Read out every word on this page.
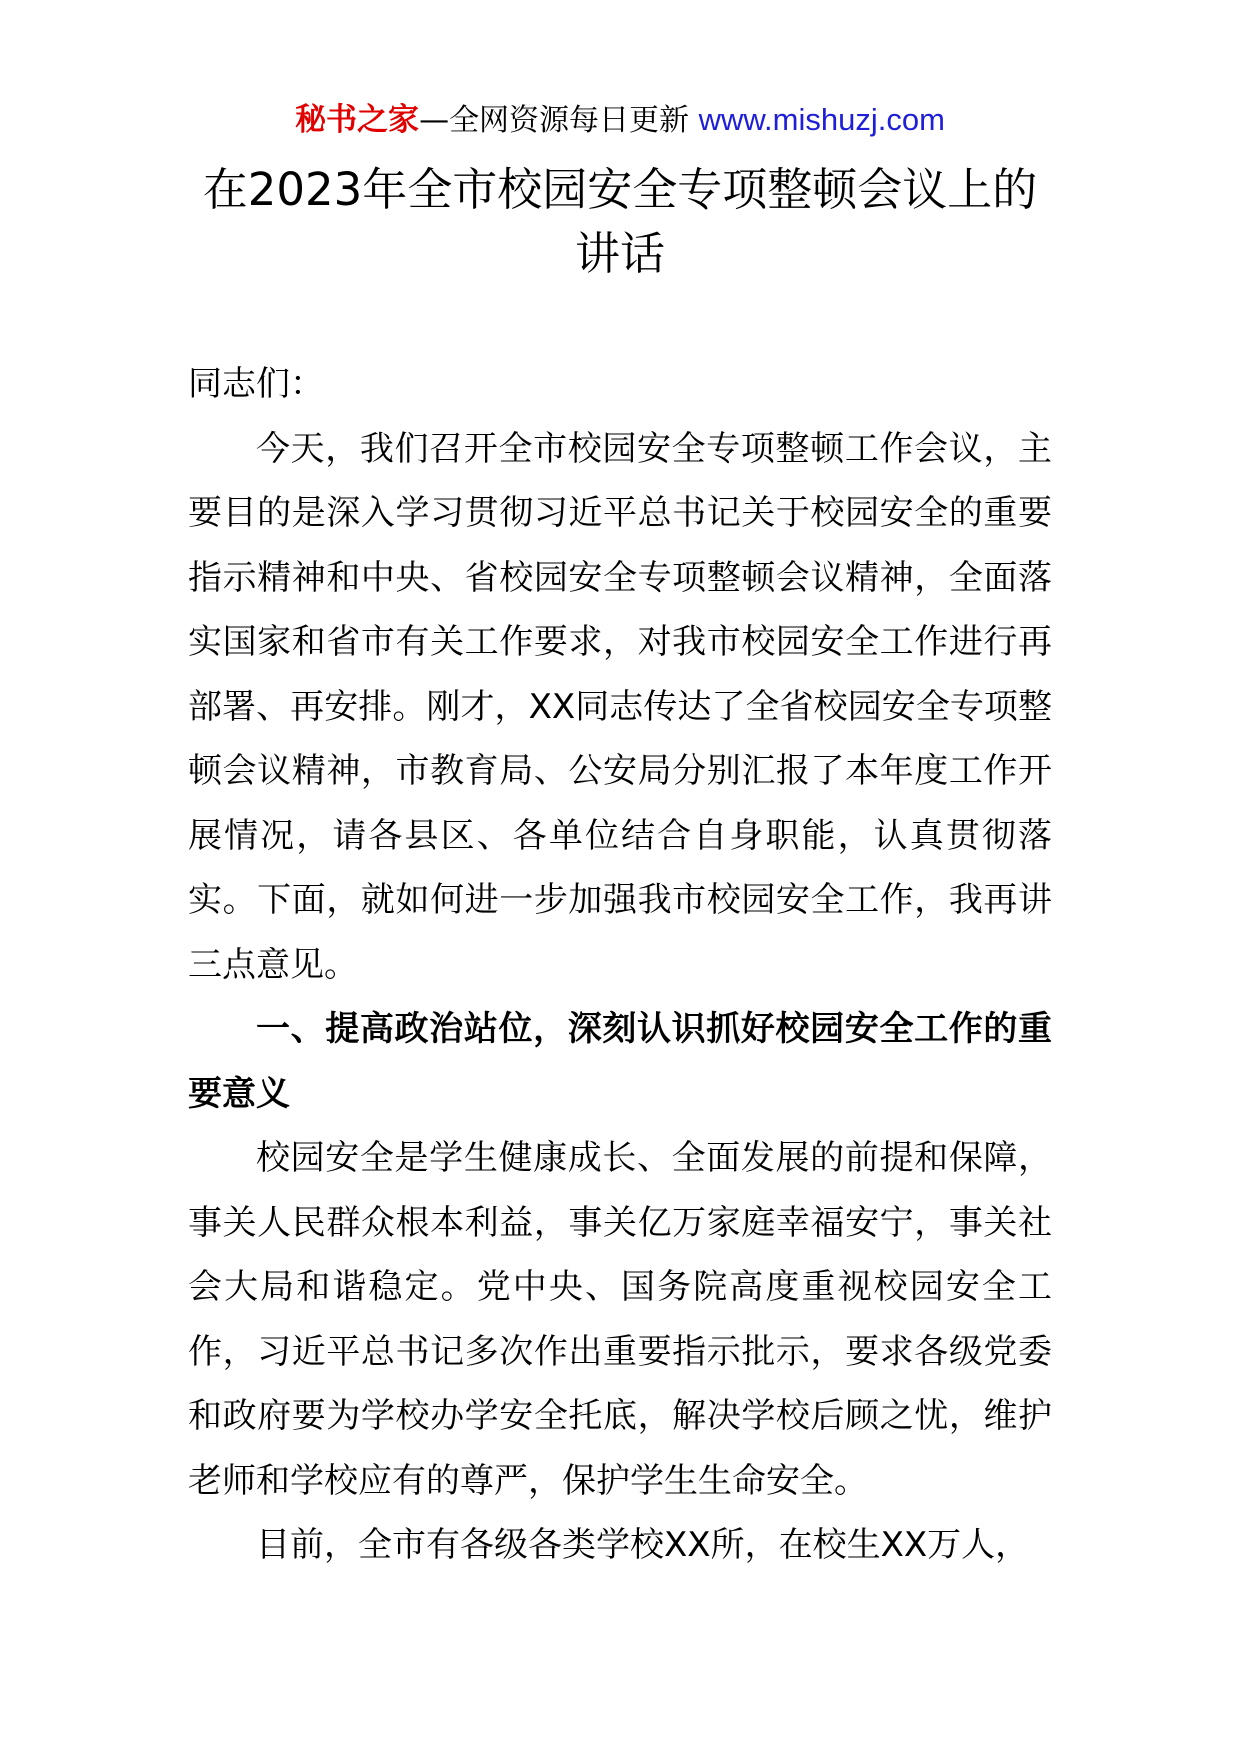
秘书之家—全网资源每日更新 www.mishuzj.com
在2023年全市校园安全专项整顿会议上的
讲话

同志们：

今天，我们召开全市校园安全专项整顿工作会议，主要目的是深入学习贯彻习近平总书记关于校园安全的重要指示精神和中央、省校园安全专项整顿会议精神，全面落实国家和省市有关工作要求，对我市校园安全工作进行再部署、再安排。刚才，XX同志传达了全省校园安全专项整顿会议精神，市教育局、公安局分别汇报了本年度工作开展情况，请各县区、各单位结合自身职能，认真贯彻落实。下面，就如何进一步加强我市校园安全工作，我再讲三点意见。

一、提高政治站位，深刻认识抓好校园安全工作的重要意义

校园安全是学生健康成长、全面发展的前提和保障，事关人民群众根本利益，事关亿万家庭幸福安宁，事关社会大局和谐稳定。党中央、国务院高度重视校园安全工作，习近平总书记多次作出重要指示批示，要求各级党委和政府要为学校办学安全托底，解决学校后顾之忧，维护老师和学校应有的尊严，保护学生生命安全。

目前，全市有各级各类学校XX所，在校生XX万人，
